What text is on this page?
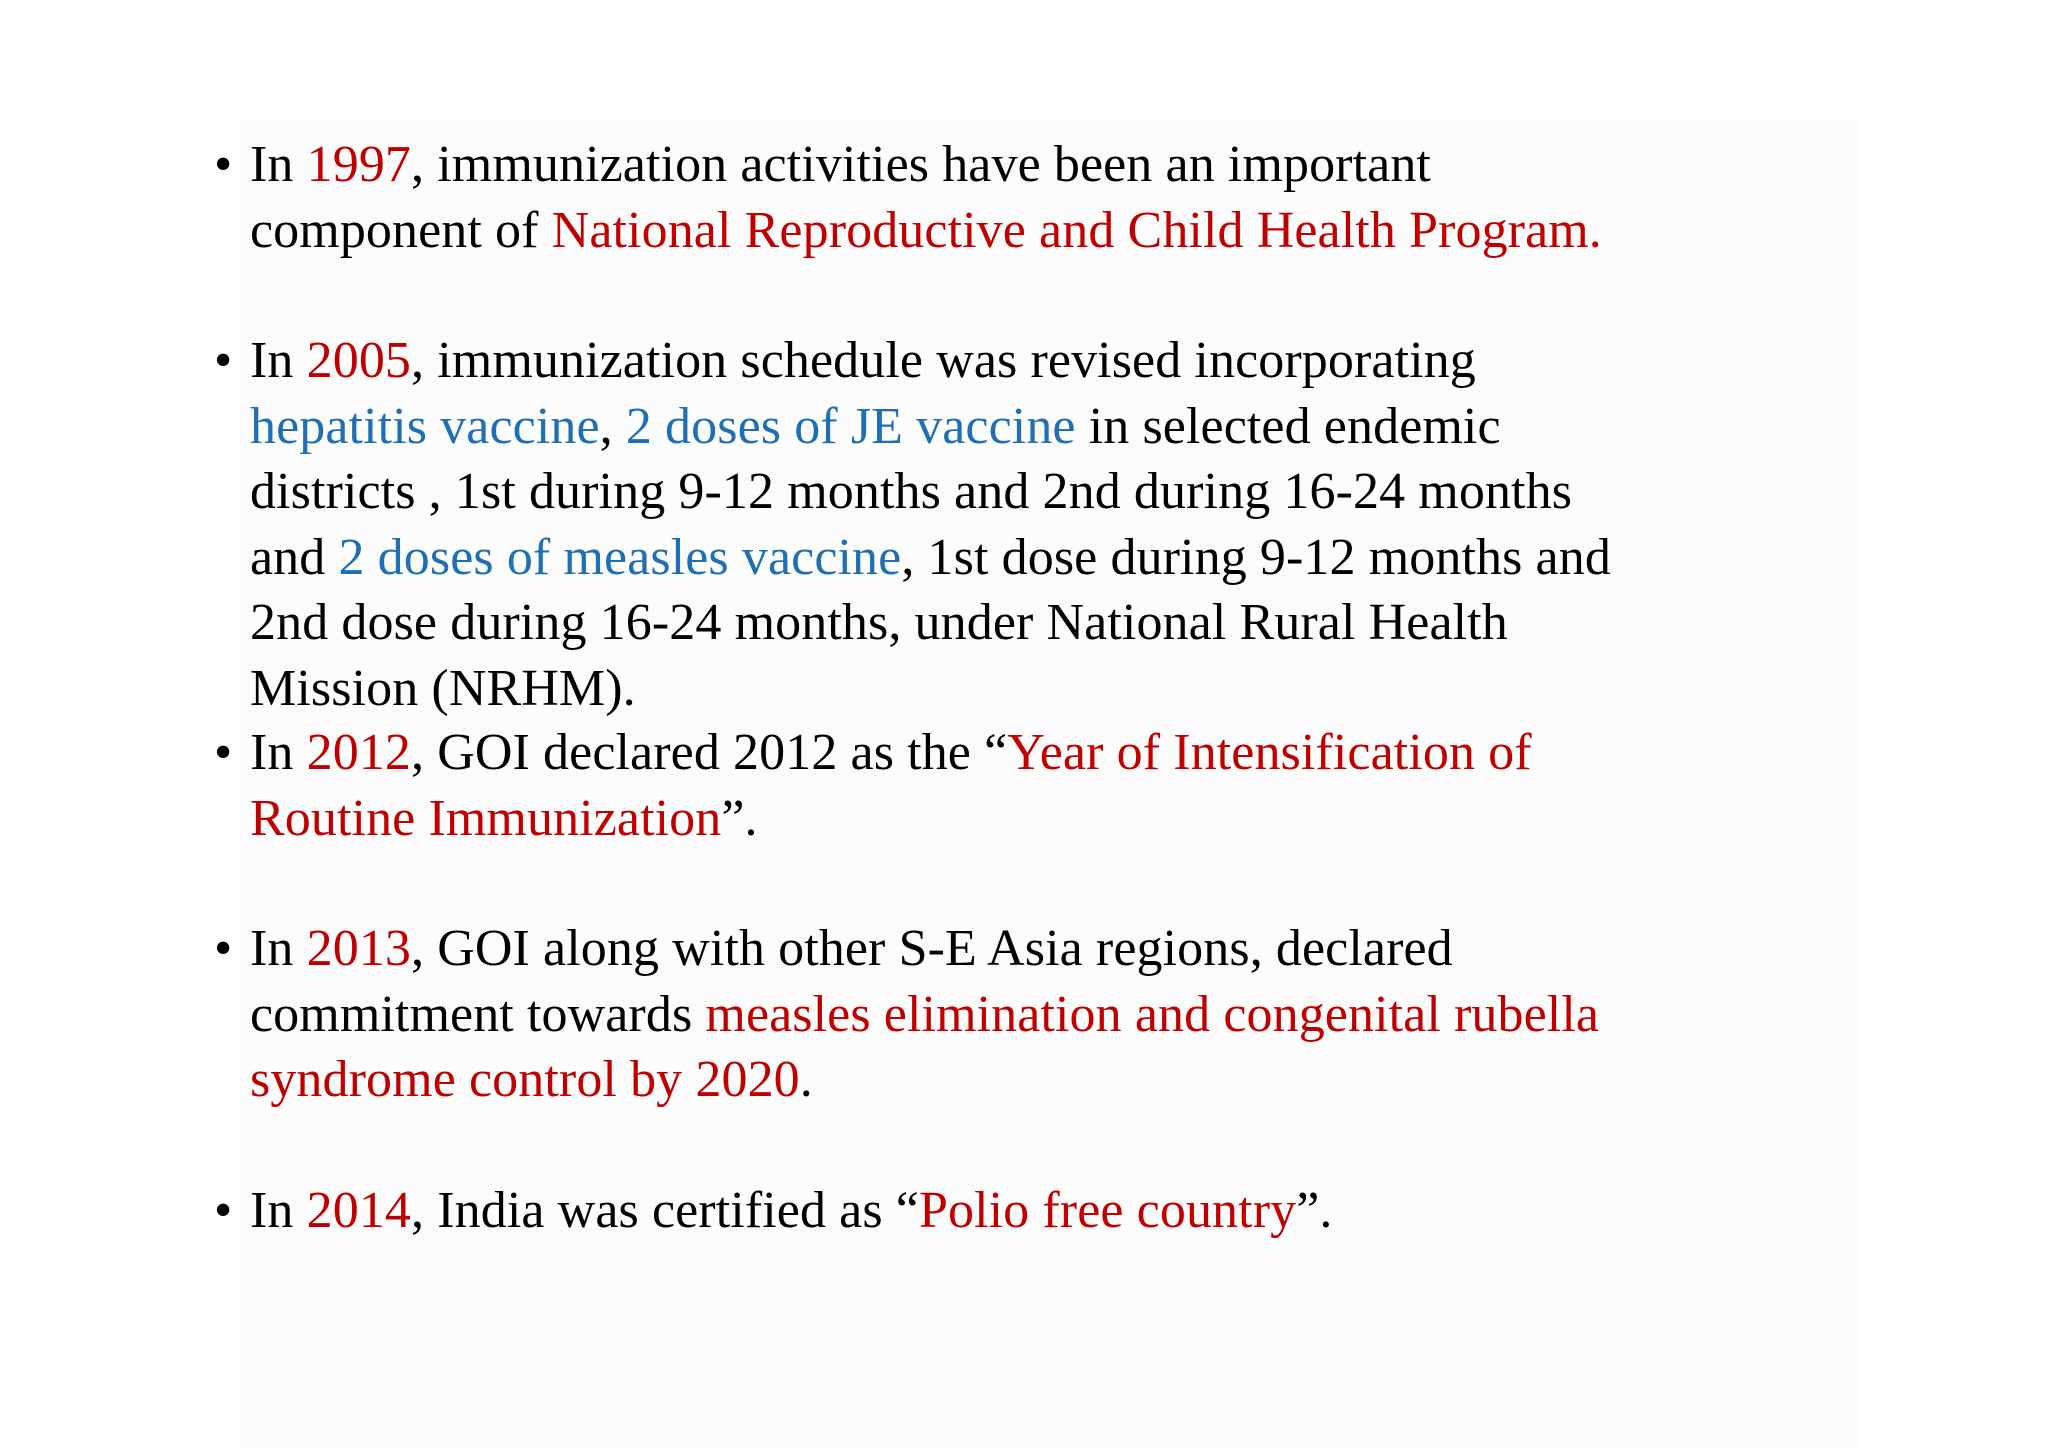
• In 1997, immunization activities have been an important component of National Reproductive and Child Health Program.
• In 2005, immunization schedule was revised incorporating hepatitis vaccine, 2 doses of JE vaccine in selected endemic districts , 1st during 9-12 months and 2nd during 16-24 months and 2 doses of measles vaccine, 1st dose during 9-12 months and 2nd dose during 16-24 months, under National Rural Health Mission (NRHM).
• In 2012, GOI declared 2012 as the “Year of Intensification of Routine Immunization”.
• In 2013, GOI along with other S-E Asia regions, declared commitment towards measles elimination and congenital rubella syndrome control by 2020.
• In 2014, India was certified as “Polio free country”.
